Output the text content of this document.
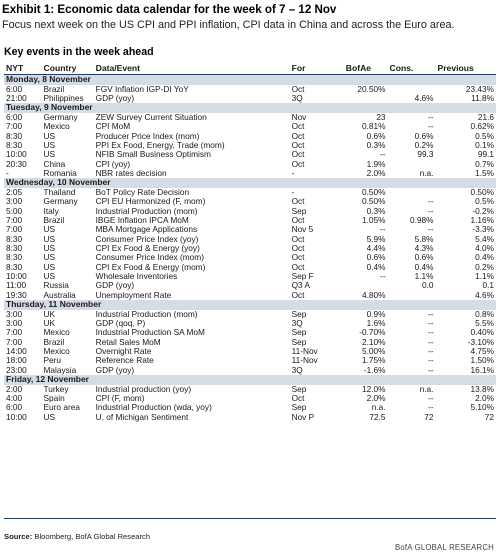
Exhibit 1: Economic data calendar for the week of 7 – 12 Nov
Focus next week on the US CPI and PPI inflation, CPI data in China and across the Euro area.
Key events in the week ahead
NYT	Country	Data/Event	For	BofAe	Cons.	Previous
Monday, 8 November						
6:00	Brazil	FGV Inflation IGP-DI YoY	Oct	20.50%		23.43%
21:00	Philippines	GDP (yoy)	3Q		4.6%	11.8%
Tuesday, 9 November						
6:00	Germany	ZEW Survey Current Situation	Nov	23	--	21.6
7:00	Mexico	CPI MoM	Oct	0.81%	--	0.62%
8:30	US	Producer Price Index (mom)	Oct	0.6%	0.6%	0.5%
8:30	US	PPI Ex Food, Energy, Trade (mom)	Oct	0.3%	0.2%	0.1%
10:00	US	NFIB Small Business Optimism	Oct	--	99.3	99.1
20:30	China	CPI (yoy)	Oct	1.9%		0.7%
-	Romania	NBR rates decision	-	2.0%	n.a.	1.5%
Wednesday, 10 November						
2:05	Thailand	BoT Policy Rate Decision	-	0.50%		0.50%
3:00	Germany	CPI EU Harmonized (F, mom)	Oct	0.50%	--	0.5%
5:00	Italy	Industrial Production (mom)	Sep	0.3%	--	-0.2%
7:00	Brazil	IBGE Inflation IPCA MoM	Oct	1.05%	0.98%	1.16%
7:00	US	MBA Mortgage Applications	Nov 5	--	--	-3.3%
8:30	US	Consumer Price Index (yoy)	Oct	5.9%	5.8%	5.4%
8:30	US	CPI Ex Food & Energy (yoy)	Oct	4.4%	4.3%	4.0%
8:30	US	Consumer Price Index (mom)	Oct	0.6%	0.6%	0.4%
8:30	US	CPI Ex Food & Energy (mom)	Oct	0.4%	0.4%	0.2%
10:00	US	Wholesale Inventories	Sep F	--	1.1%	1.1%
11:00	Russia	GDP (yoy)	Q3 A		0.0	0.1
19:30	Australia	Unemployment Rate	Oct	4.80%		4.6%
Thursday, 11 November						
3:00	UK	Industrial Production (mom)	Sep	0.9%	--	0.8%
3:00	UK	GDP (qoq, P)	3Q	1.6%	--	5.5%
7:00	Mexico	Industrial Production SA MoM	Sep	-0.70%	--	0.40%
7:00	Brazil	Retail Sales MoM	Sep	2.10%	--	-3.10%
14:00	Mexico	Overnight Rate	11-Nov	5.00%	--	4.75%
18:00	Peru	Reference Rate	11-Nov	1.75%	--	1.50%
23:00	Malaysia	GDP (yoy)	3Q	-1.6%	--	16.1%
Friday, 12 November						
2:00	Turkey	Industrial production (yoy)	Sep	12.0%	n.a.	13.8%
4:00	Spain	CPI (F, mom)	Oct	2.0%	--	2.0%
6:00	Euro area	Industrial Production (wda, yoy)	Sep	n.a.	--	5.10%
10:00	US	U. of Michigan Sentiment	Nov P	72.5	72	72
Source: Bloomberg, BofA Global Research
BofA GLOBAL RESEARCH
